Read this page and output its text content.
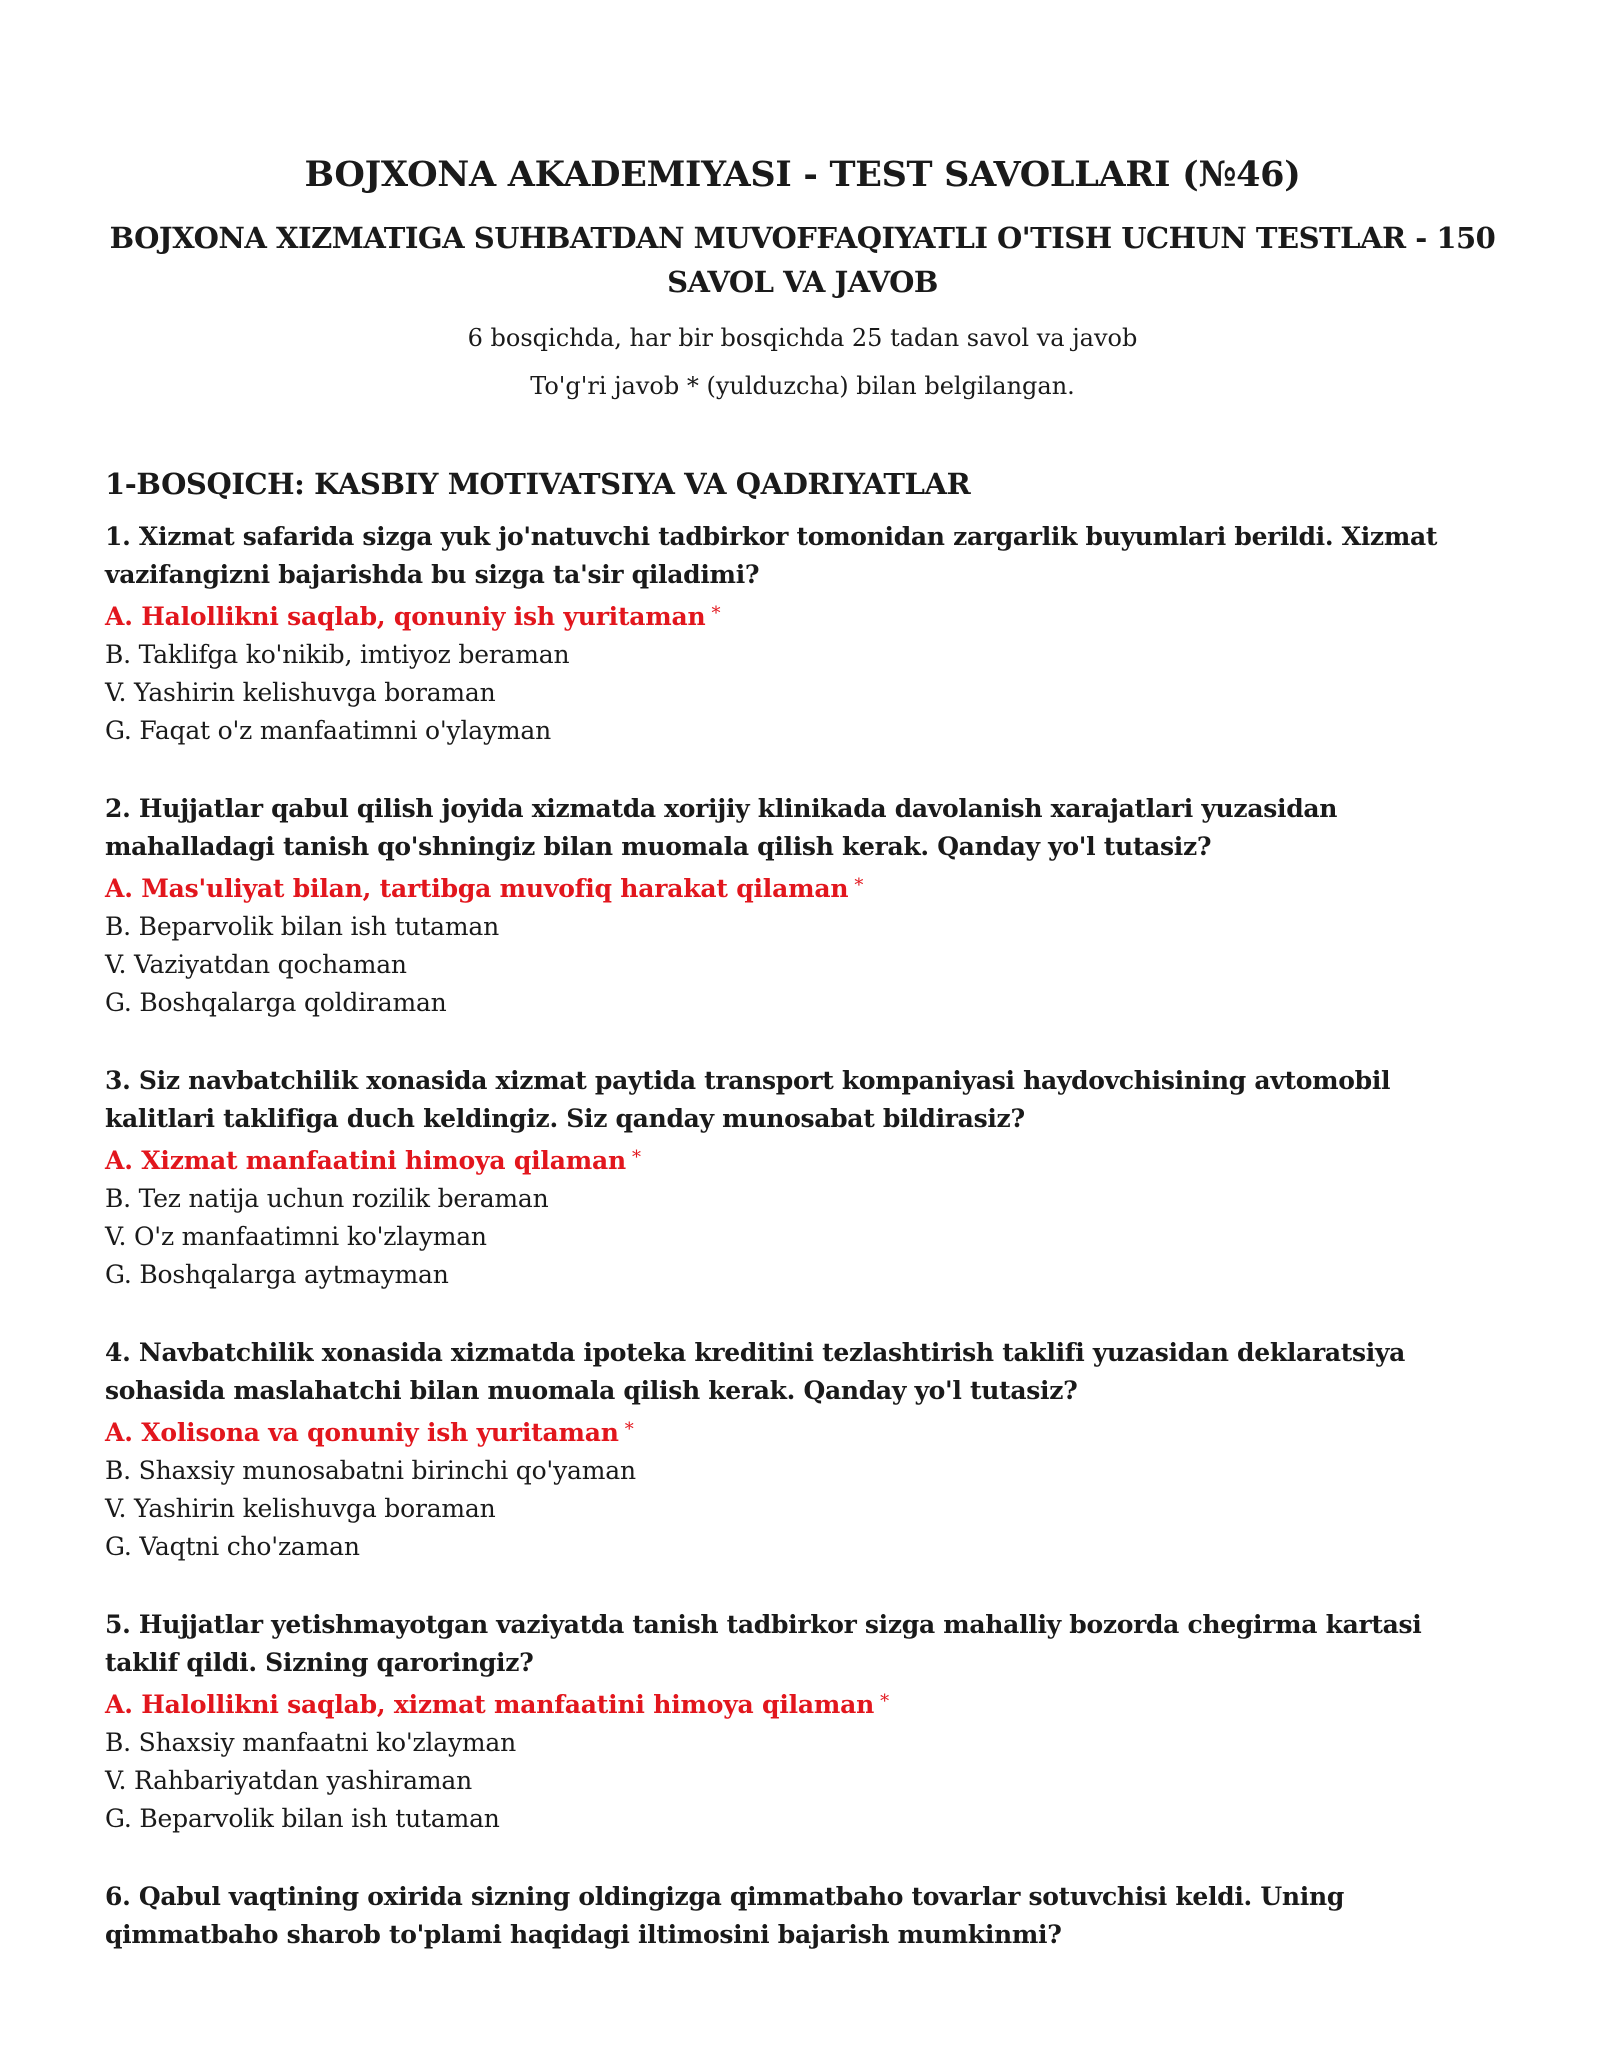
BOJXONA AKADEMIYASI - TEST SAVOLLARI (№46)
BOJXONA XIZMATIGA SUHBATDAN MUVOFFAQIYATLI O'TISH UCHUN TESTLAR - 150 SAVOL VA JAVOB

6 bosqichda, har bir bosqichda 25 tadan savol va javob

To'g'ri javob * (yulduzcha) bilan belgilangan.

1-BOSQICH: KASBIY MOTIVATSIYA VA QADRIYATLAR

1. Xizmat safarida sizga yuk jo'natuvchi tadbirkor tomonidan zargarlik buyumlari berildi. Xizmat vazifangizni bajarishda bu sizga ta'sir qiladimi?

A. Halollikni saqlab, qonuniy ish yuritaman *

B. Taklifga ko'nikib, imtiyoz beraman

V. Yashirin kelishuvga boraman

G. Faqat o'z manfaatimni o'ylayman

2. Hujjatlar qabul qilish joyida xizmatda xorijiy klinikada davolanish xarajatlari yuzasidan mahalladagi tanish qo'shningiz bilan muomala qilish kerak. Qanday yo'l tutasiz?

A. Mas'uliyat bilan, tartibga muvofiq harakat qilaman *

B. Beparvolik bilan ish tutaman

V. Vaziyatdan qochaman

G. Boshqalarga qoldiraman

3. Siz navbatchilik xonasida xizmat paytida transport kompaniyasi haydovchisining avtomobil kalitlari taklifiga duch keldingiz. Siz qanday munosabat bildirasiz?

A. Xizmat manfaatini himoya qilaman *

B. Tez natija uchun rozilik beraman

V. O'z manfaatimni ko'zlayman

G. Boshqalarga aytmayman

4. Navbatchilik xonasida xizmatda ipoteka kreditini tezlashtirish taklifi yuzasidan deklaratsiya sohasida maslahatchi bilan muomala qilish kerak. Qanday yo'l tutasiz?

A. Xolisona va qonuniy ish yuritaman *

B. Shaxsiy munosabatni birinchi qo'yaman

V. Yashirin kelishuvga boraman

G. Vaqtni cho'zaman

5. Hujjatlar yetishmayotgan vaziyatda tanish tadbirkor sizga mahalliy bozorda chegirma kartasi taklif qildi. Sizning qaroringiz?

A. Halollikni saqlab, xizmat manfaatini himoya qilaman *

B. Shaxsiy manfaatni ko'zlayman

V. Rahbariyatdan yashiraman

G. Beparvolik bilan ish tutaman

6. Qabul vaqtining oxirida sizning oldingizga qimmatbaho tovarlar sotuvchisi keldi. Uning qimmatbaho sharob to'plami haqidagi iltimosini bajarish mumkinmi?
